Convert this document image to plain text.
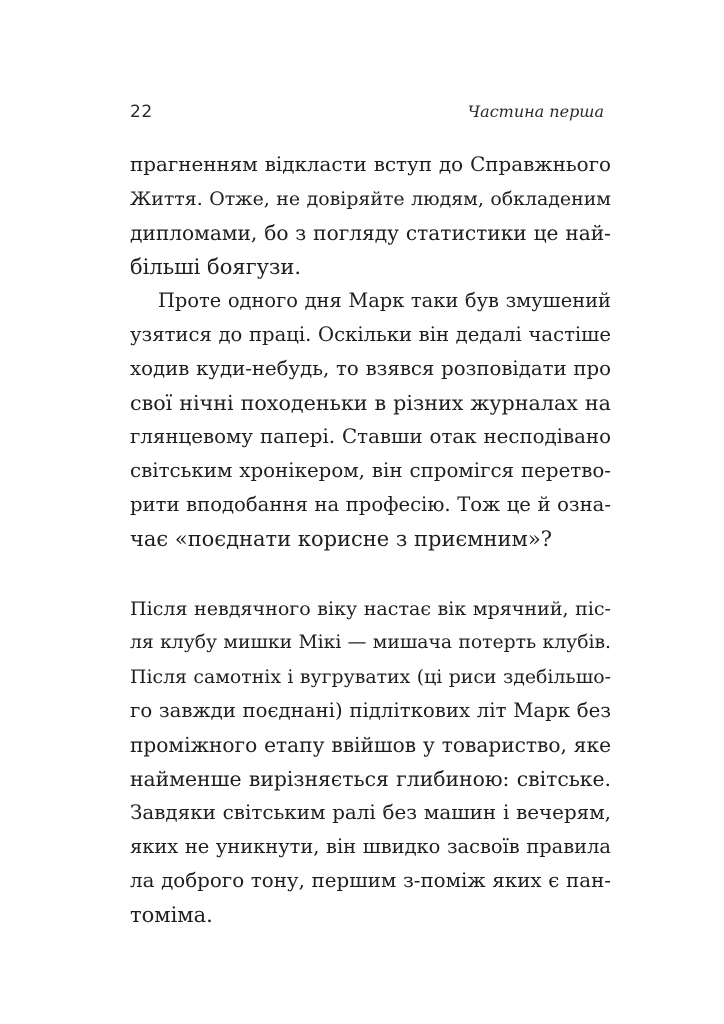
22	Частина перша
прагненням відкласти вступ до Справжнього
Життя. Отже, не довіряйте людям, обкладеним
дипломами, бо з погляду статистики це най-
більші боягузи.
Проте одного дня Марк таки був змушений
узятися до праці. Оскільки він дедалі частіше
ходив куди-небудь, то взявся розповідати про
свої нічні походеньки в різних журналах на
глянцевому папері. Ставши отак несподівано
світським хронікером, він спромігся перетво-
рити вподобання на професію. Тож це й озна-
чає «поєднати корисне з приємним»?
Після невдячного віку настає вік мрячний, піс-
ля клубу мишки Мікі — мишача потерть клубів.
Після самотніх і вугруватих (ці риси здебільшо-
го завжди поєднані) підліткових літ Марк без
проміжного етапу ввійшов у товариство, яке
найменше вирізняється глибиною: світське.
Завдяки світським ралі без машин і вечерям,
яких не уникнути, він швидко засвоїв правила
ла доброго тону, першим з-поміж яких є пан-
томіма.
